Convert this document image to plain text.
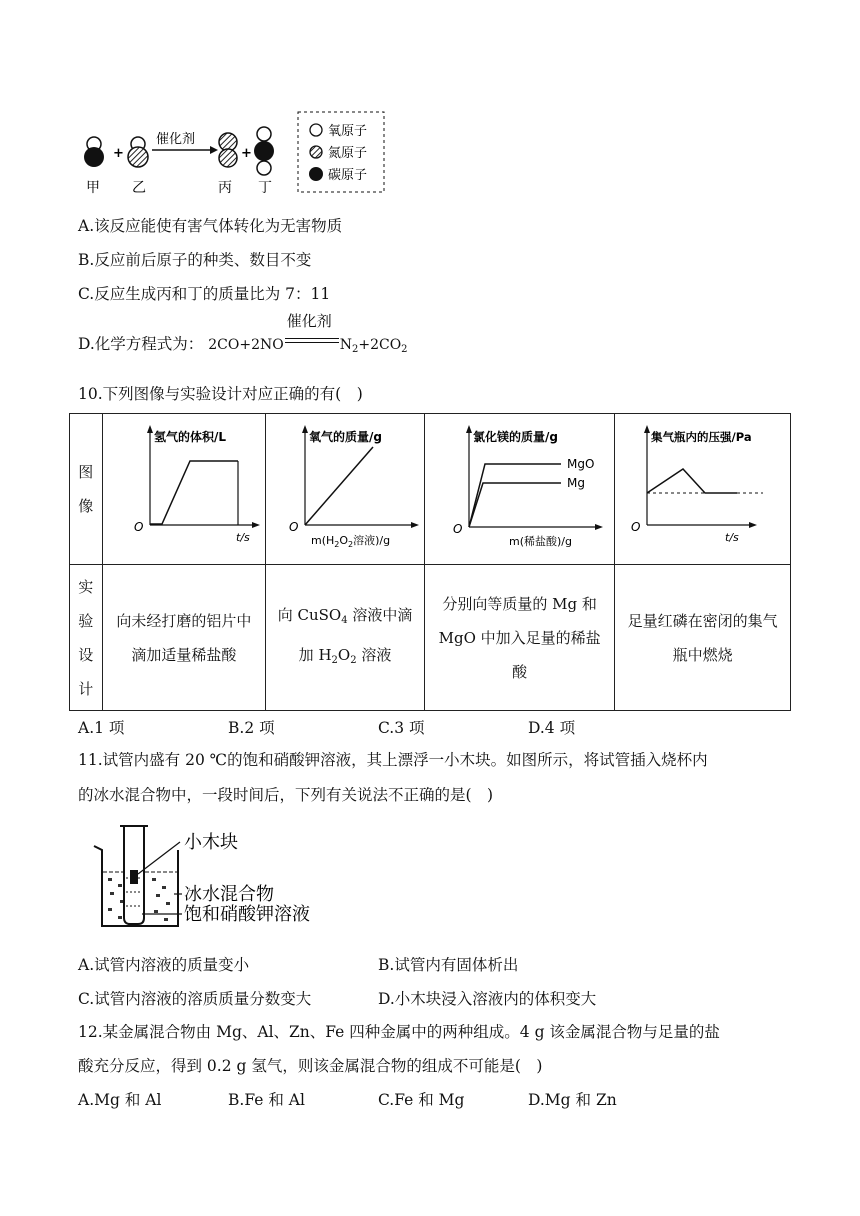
+
催化剂
+
甲 乙	丙 丁
氧原子
氮原子
碳原子
A.该反应能使有害气体转化为无害物质
B.反应前后原子的种类、数目不变
C.反应生成丙和丁的质量比为 7：11
D.化学方程式为： 2CO+2NO
催化剂
$N_2+2CO_2$
10.下列图像与实验设计对应正确的有(　)
图
像	氢气的体积/L
O
t/s	氧气的质量/g
O
$m(H_2O_2$溶液)/g	氯化镁的质量/g
O
m(稀盐酸)/g
MgO
Mg	集气瓶内的压强/Pa
O
t/s

实
验
设
计	向未经打磨的铝片中滴加适量稀盐酸	向 CuSO$_4$ 溶液中滴加 $H_2O_2$ 溶液	分别向等质量的 Mg 和 MgO 中加入足量的稀盐酸	足量红磷在密闭的集气瓶中燃烧
A.1 项	B.2 项	C.3 项	D.4 项
11.试管内盛有 20 ℃的饱和硝酸钾溶液，其上漂浮一小木块。如图所示，将试管插入烧杯内
的冰水混合物中，一段时间后，下列有关说法不正确的是(　)
小木块
冰水混合物
饱和硝酸钾溶液
A.试管内溶液的质量变小	B.试管内有固体析出
C.试管内溶液的溶质质量分数变大	D.小木块浸入溶液内的体积变大
12.某金属混合物由 Mg、Al、Zn、Fe 四种金属中的两种组成。4 g 该金属混合物与足量的盐
酸充分反应，得到 0.2 g 氢气，则该金属混合物的组成不可能是(　)
A.Mg 和 Al	B.Fe 和 Al	C.Fe 和 Mg	D.Mg 和 Zn
